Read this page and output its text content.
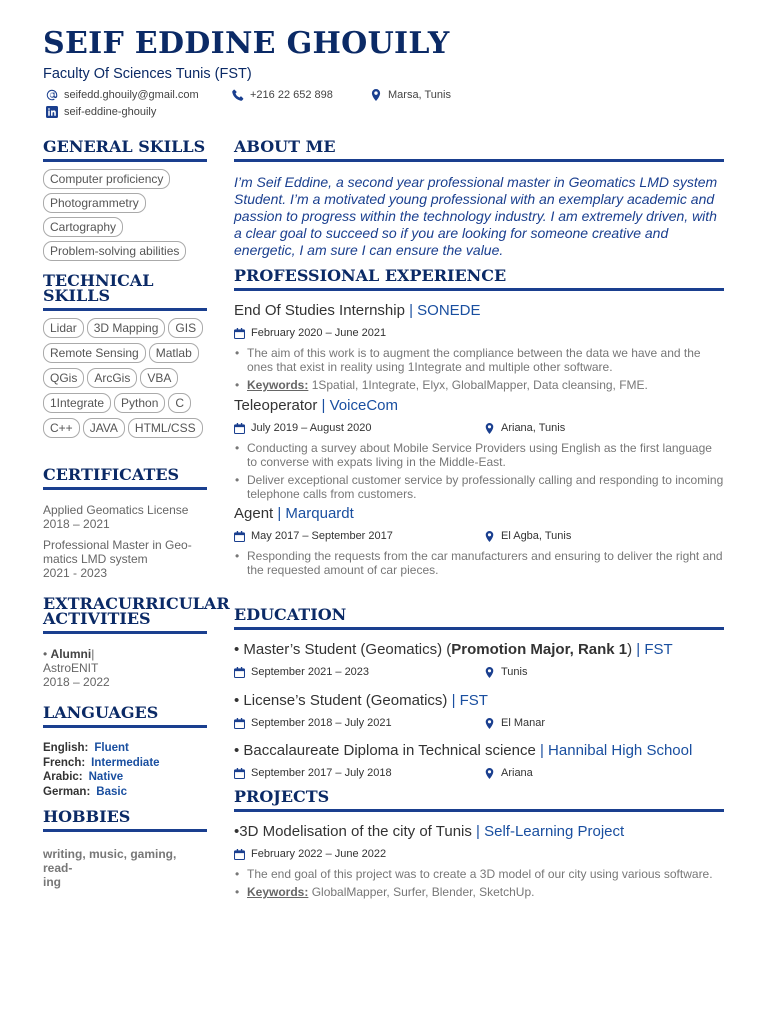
SEIF EDDINE GHOUILY
Faculty Of Sciences Tunis (FST)
seifedd.ghouily@gmail.com	+216 22 652 898	Marsa, Tunis
seif-eddine-ghouily
GENERAL SKILLS
Computer proficiency
Photogrammetry
Cartography
Problem-solving abilities
TECHNICAL
SKILLS
Lidar	3D Mapping	GIS
Remote Sensing	Matlab
QGis	ArcGis	VBA
1Integrate	Python	C
C++	JAVA	HTML/CSS
CERTIFICATES
Applied Geomatics License
2018 – 2021
Professional Master in Geo-
matics LMD system
2021 - 2023
EXTRACURRICULAR
ACTIVITIES
• Alumni|
AstroENIT
2018 – 2022
LANGUAGES
English: Fluent
French: Intermediate
Arabic: Native
German: Basic
HOBBIES
writing, music, gaming, read-
ing
ABOUT ME
I’m Seif Eddine, a second year professional master in Geomatics LMD system Student. I’m a motivated young professional with an exemplary academic and passion to progress within the technology industry. I am extremely driven, with a clear goal to succeed so if you are looking for someone creative and energetic, I am sure I can ensure the value.
PROFESSIONAL EXPERIENCE
End Of Studies Internship | SONEDE
February 2020 – June 2021
• The aim of this work is to augment the compliance between the data we have and the ones that exist in reality using 1Integrate and multiple other software.
• Keywords: 1Spatial, 1Integrate, Elyx, GlobalMapper, Data cleansing, FME.
Teleoperator | VoiceCom
July 2019 – August 2020	Ariana, Tunis
• Conducting a survey about Mobile Service Providers using English as the first language to converse with expats living in the Middle-East.
• Deliver exceptional customer service by professionally calling and responding to incoming telephone calls from customers.
Agent | Marquardt
May 2017 – September 2017	El Agba, Tunis
• Responding the requests from the car manufacturers and ensuring to deliver the right and the requested amount of car pieces.
EDUCATION
• Master’s Student (Geomatics) (Promotion Major, Rank 1) | FST
September 2021 – 2023	Tunis
• License’s Student (Geomatics) | FST
September 2018 – July 2021	El Manar
• Baccalaureate Diploma in Technical science | Hannibal High School
September 2017 – July 2018	Ariana
PROJECTS
•3D Modelisation of the city of Tunis | Self-Learning Project
February 2022 – June 2022
• The end goal of this project was to create a 3D model of our city using various software.
• Keywords: GlobalMapper, Surfer, Blender, SketchUp.
